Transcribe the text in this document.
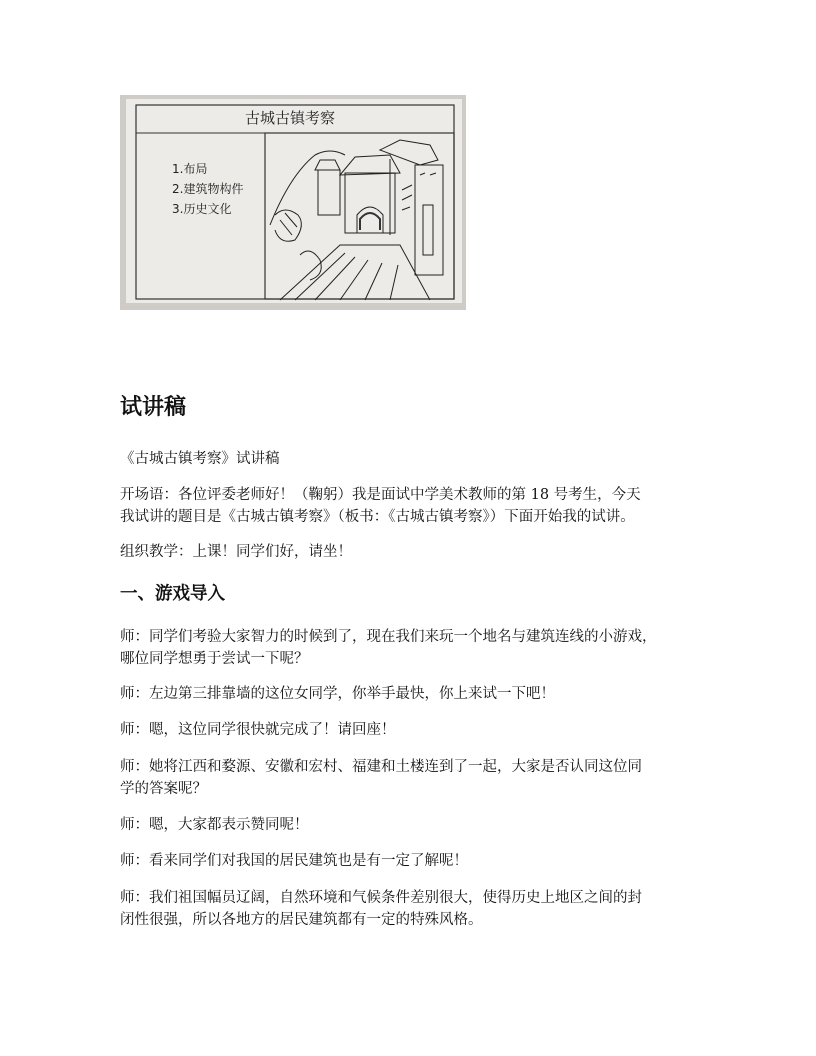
古城古镇考察
1.布局
2.建筑物构件
3.历史文化
试讲稿

《古城古镇考察》试讲稿

开场语：各位评委老师好！（鞠躬）我是面试中学美术教师的第 18 号考生，今天
我试讲的题目是《古城古镇考察》（板书：《古城古镇考察》）下面开始我的试讲。

组织教学：上课！同学们好，请坐！

一、游戏导入

师：同学们考验大家智力的时候到了，现在我们来玩一个地名与建筑连线的小游戏，
哪位同学想勇于尝试一下呢？

师：左边第三排靠墙的这位女同学，你举手最快，你上来试一下吧！

师：嗯，这位同学很快就完成了！请回座！

师：她将江西和婺源、安徽和宏村、福建和土楼连到了一起，大家是否认同这位同
学的答案呢？

师：嗯，大家都表示赞同呢！

师：看来同学们对我国的居民建筑也是有一定了解呢！

师：我们祖国幅员辽阔，自然环境和气候条件差别很大，使得历史上地区之间的封
闭性很强，所以各地方的居民建筑都有一定的特殊风格。
